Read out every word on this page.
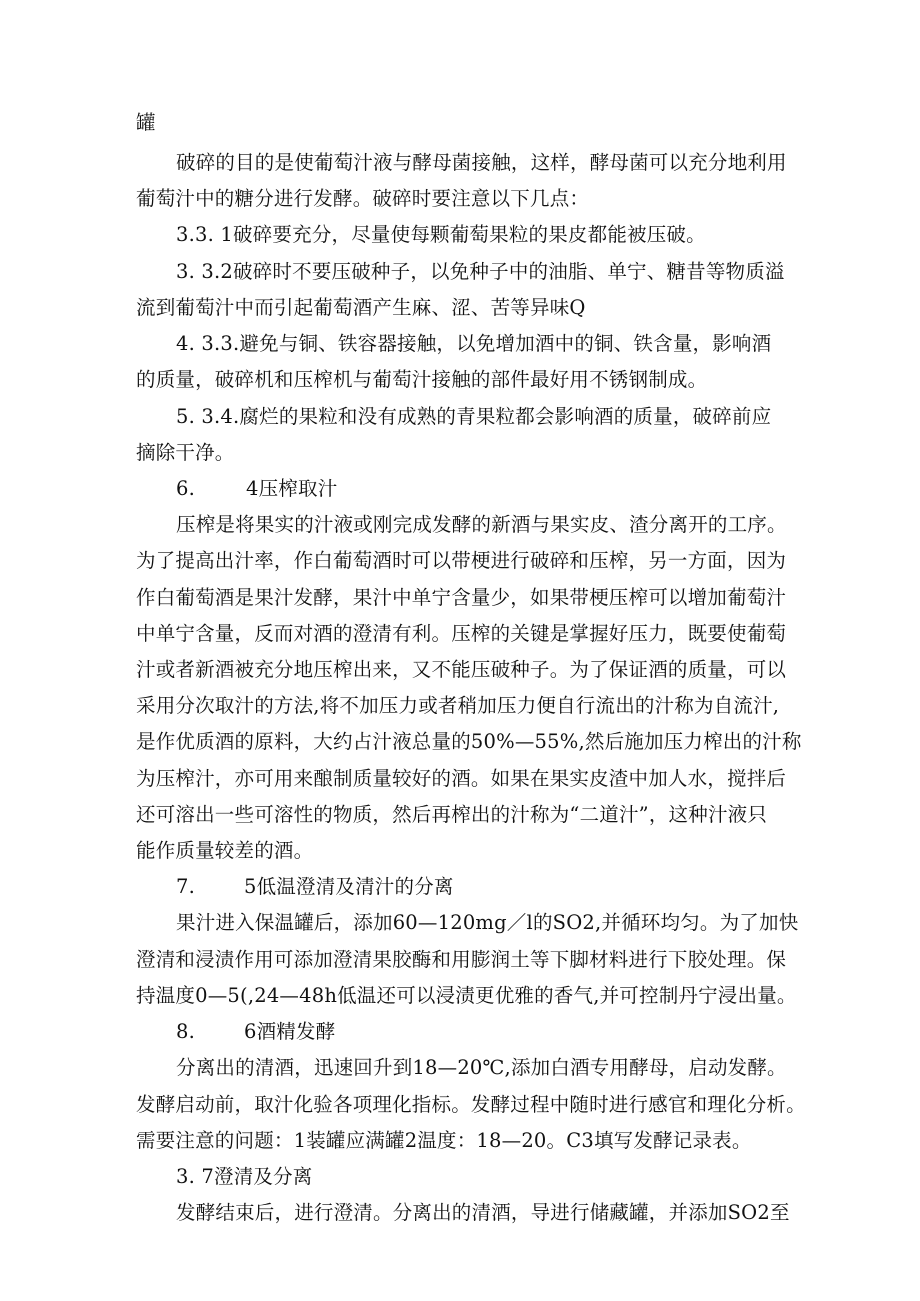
罐

破碎的目的是使葡萄汁液与酵母菌接触，这样，酵母菌可以充分地利用

葡萄汁中的糖分进行发酵。破碎时要注意以下几点：

3.3. 1破碎要充分，尽量使每颗葡萄果粒的果皮都能被压破。

3. 3.2破碎时不要压破种子，以免种子中的油脂、单宁、糖昔等物质溢

流到葡萄汁中而引起葡萄酒产生麻、涩、苦等异味Q

4. 3.3.避免与铜、铁容器接触，以免增加酒中的铜、铁含量，影响酒

的质量，破碎机和压榨机与葡萄汁接触的部件最好用不锈钢制成。

5. 3.4.腐烂的果粒和没有成熟的青果粒都会影响酒的质量，破碎前应

摘除干净。

6.	4压榨取汁

压榨是将果实的汁液或刚完成发酵的新酒与果实皮、渣分离开的工序。

为了提高出汁率，作白葡萄酒时可以带梗进行破碎和压榨，另一方面，因为

作白葡萄酒是果汁发酵，果汁中单宁含量少，如果带梗压榨可以增加葡萄汁

中单宁含量，反而对酒的澄清有利。压榨的关键是掌握好压力，既要使葡萄

汁或者新酒被充分地压榨出来，又不能压破种子。为了保证酒的质量，可以

采用分次取汁的方法,将不加压力或者稍加压力便自行流出的汁称为自流汁,

是作优质酒的原料，大约占汁液总量的50%—55%,然后施加压力榨出的汁称

为压榨汁，亦可用来酿制质量较好的酒。如果在果实皮渣中加人水，搅拌后

还可溶出一些可溶性的物质，然后再榨出的汁称为“二道汁”，这种汁液只

能作质量较差的酒。

7.	5低温澄清及清汁的分离

果汁进入保温罐后，添加60—120mg／l的SO2,并循环均匀。为了加快

澄清和浸渍作用可添加澄清果胶酶和用膨润土等下脚材料进行下胶处理。保

持温度0—5(,24—48h低温还可以浸渍更优雅的香气,并可控制丹宁浸出量。

8.	6酒精发酵

分离出的清酒，迅速回升到18—20℃,添加白酒专用酵母，启动发酵。

发酵启动前，取汁化验各项理化指标。发酵过程中随时进行感官和理化分析。

需要注意的问题：1装罐应满罐2温度：18—20。C3填写发酵记录表。

3. 7澄清及分离

发酵结束后，进行澄清。分离出的清酒，导进行储藏罐，并添加SO2至
